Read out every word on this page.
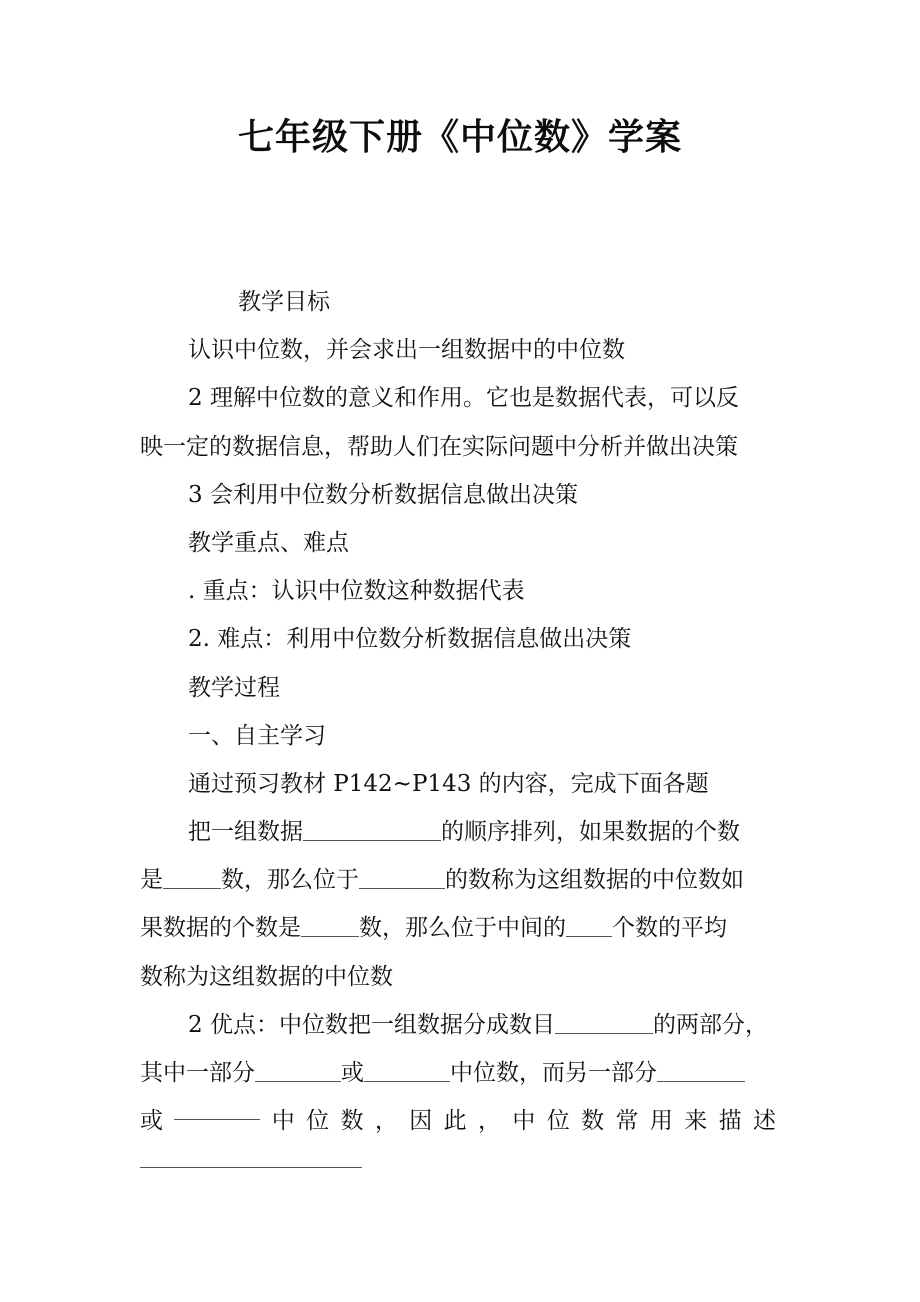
七年级下册《中位数》学案
教学目标
认识中位数，并会求出一组数据中的中位数
2 理解中位数的意义和作用。它也是数据代表，可以反
映一定的数据信息，帮助人们在实际问题中分析并做出决策
3 会利用中位数分析数据信息做出决策
教学重点、难点
. 重点：认识中位数这种数据代表
2. 难点：利用中位数分析数据信息做出决策
教学过程
一、自主学习
通过预习教材 P142~P143 的内容，完成下面各题
把一组数据	的顺序排列，如果数据的个数
是	数，那么位于	的数称为这组数据的中位数如
果数据的个数是	数，那么位于中间的 个数的平均
数称为这组数据的中位数
2 优点：中位数把一组数据分成数目	的两部分，
其中一部分	或	中位数，而另一部分
或	中 位 数 ， 因 此 ， 中 位 数 常 用 来 描 述
